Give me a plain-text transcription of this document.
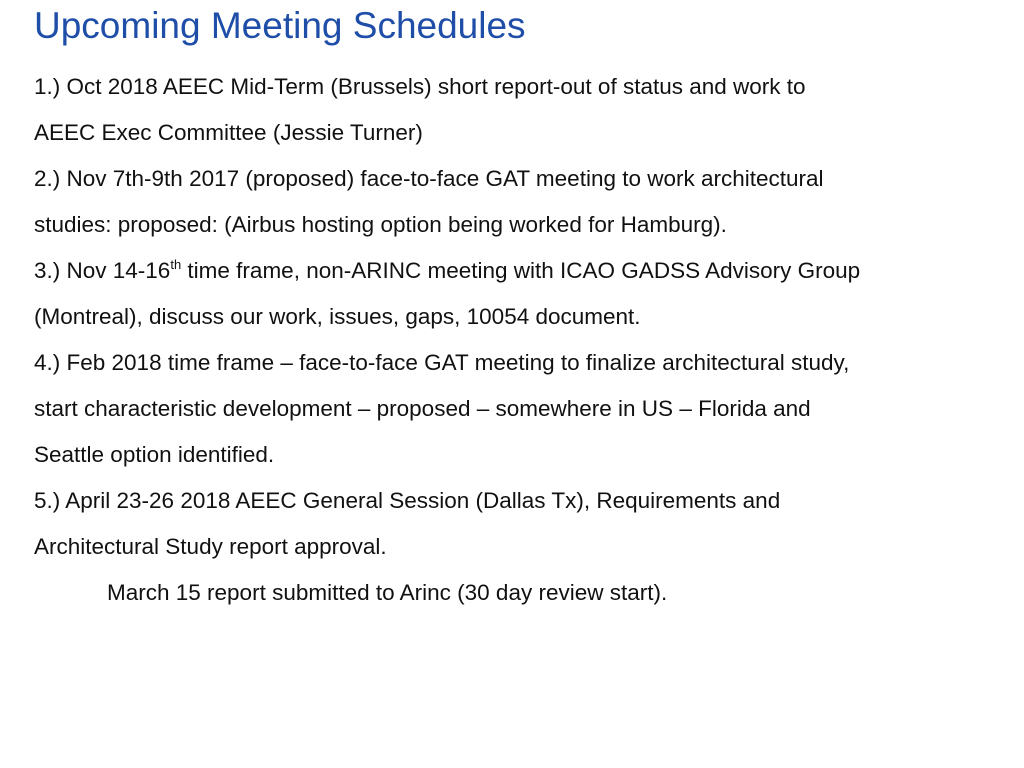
Upcoming Meeting Schedules
1.) Oct 2018 AEEC Mid-Term (Brussels) short report-out of status and work to
AEEC Exec Committee (Jessie Turner)
2.) Nov 7th-9th 2017 (proposed) face-to-face GAT meeting to work architectural
studies: proposed: (Airbus hosting option being worked for Hamburg).
3.) Nov 14-16th time frame, non-ARINC meeting with ICAO GADSS Advisory Group
(Montreal), discuss our work, issues, gaps, 10054 document.
4.) Feb 2018 time frame – face-to-face GAT meeting to finalize architectural study,
start characteristic development – proposed – somewhere in US – Florida and
Seattle option identified.
5.) April 23-26 2018 AEEC General Session (Dallas Tx), Requirements and
Architectural Study report approval.
March 15 report submitted to Arinc (30 day review start).
